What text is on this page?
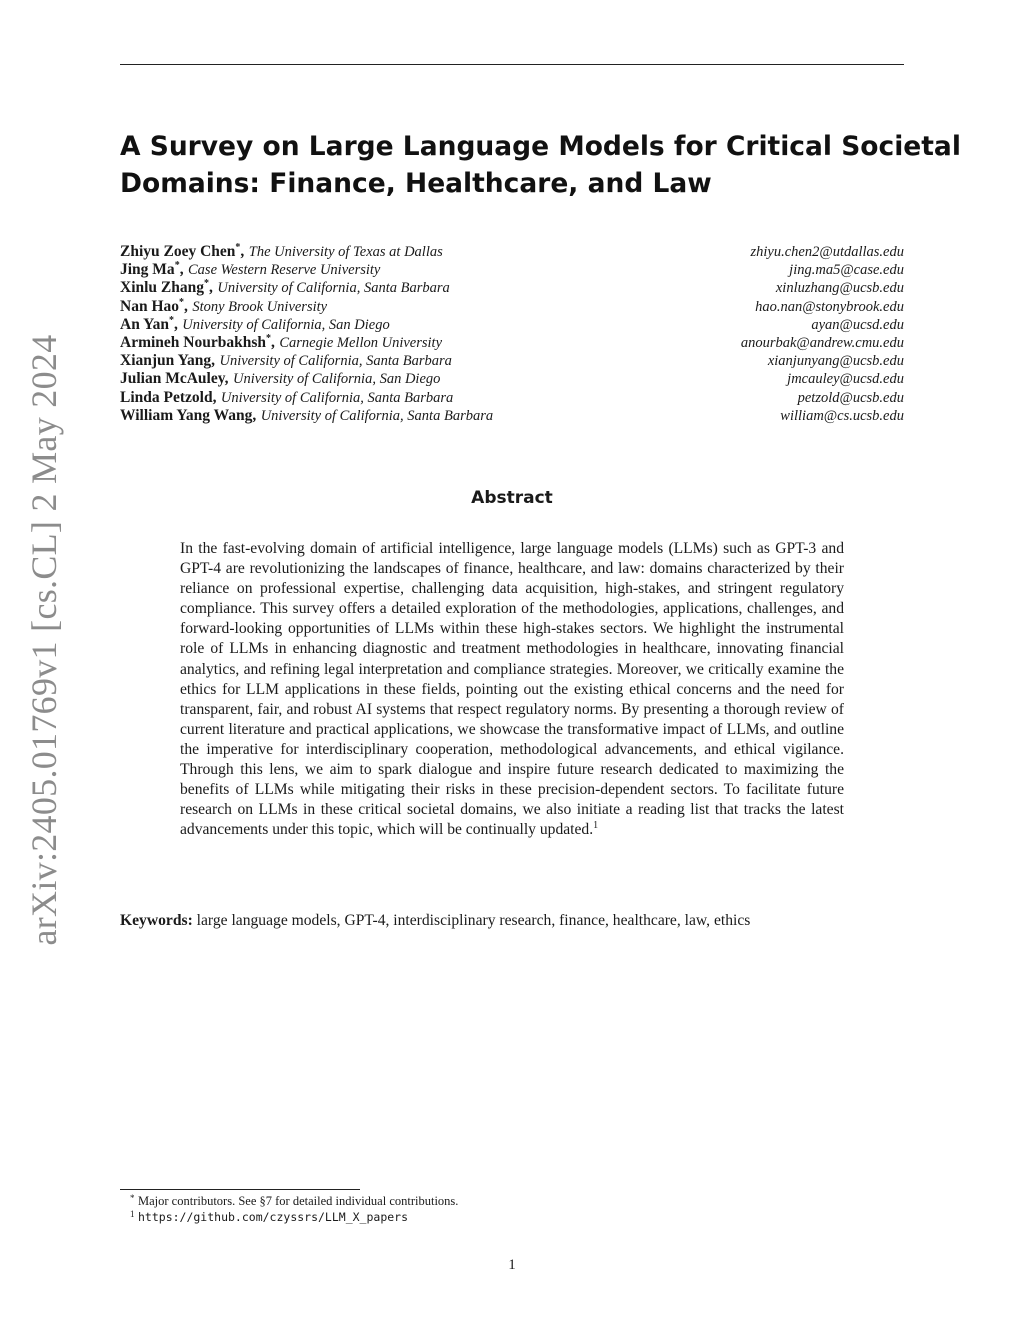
arXiv:2405.01769v1 [cs.CL] 2 May 2024
A Survey on Large Language Models for Critical Societal
Domains: Finance, Healthcare, and Law
Zhiyu Zoey Chen*, The University of Texas at Dallas	zhiyu.chen2@utdallas.edu
Jing Ma*, Case Western Reserve University	jing.ma5@case.edu
Xinlu Zhang*, University of California, Santa Barbara	xinluzhang@ucsb.edu
Nan Hao*, Stony Brook University	hao.nan@stonybrook.edu
An Yan*, University of California, San Diego	ayan@ucsd.edu
Armineh Nourbakhsh*, Carnegie Mellon University	anourbak@andrew.cmu.edu
Xianjun Yang, University of California, Santa Barbara	xianjunyang@ucsb.edu
Julian McAuley, University of California, San Diego	jmcauley@ucsd.edu
Linda Petzold, University of California, Santa Barbara	petzold@ucsb.edu
William Yang Wang, University of California, Santa Barbara	william@cs.ucsb.edu
Abstract

In the fast-evolving domain of artificial intelligence, large language models (LLMs) such as GPT-3 and GPT-4 are revolutionizing the landscapes of finance, healthcare, and law: domains characterized by their reliance on professional expertise, challenging data acquisition, high-stakes, and stringent regulatory compliance. This survey offers a detailed exploration of the methodologies, applications, challenges, and forward-looking opportunities of LLMs within these high-stakes sectors. We highlight the instrumental role of LLMs in enhancing diagnostic and treatment methodologies in healthcare, innovating financial analytics, and refining legal interpretation and compliance strategies. Moreover, we critically examine the ethics for LLM applications in these fields, pointing out the existing ethical concerns and the need for transparent, fair, and robust AI systems that respect regulatory norms. By presenting a thorough review of current literature and practical applications, we showcase the transformative impact of LLMs, and outline the imperative for interdisciplinary cooperation, methodological advancements, and ethical vigilance. Through this lens, we aim to spark dialogue and inspire future research dedicated to maximizing the benefits of LLMs while mitigating their risks in these precision-dependent sectors. To facilitate future research on LLMs in these critical societal domains, we also initiate a reading list that tracks the latest advancements under this topic, which will be continually updated.$^1$

Keywords: large language models, GPT-4, interdisciplinary research, finance, healthcare, law, ethics
* Major contributors. See §7 for detailed individual contributions.
1 https://github.com/czyssrs/LLM_X_papers
1
